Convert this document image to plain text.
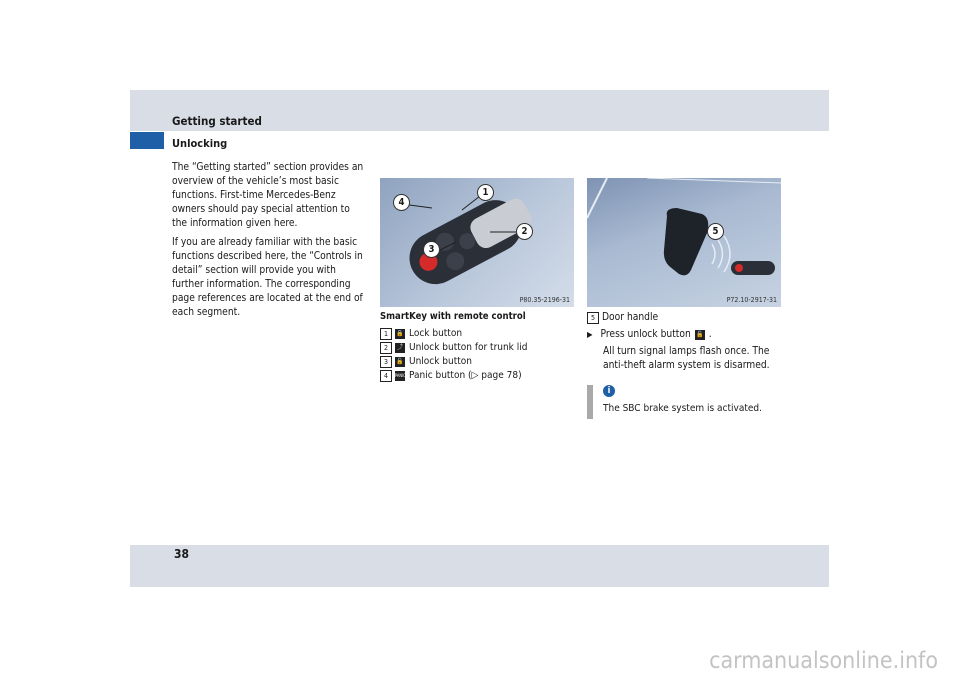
Getting started
Unlocking

The “Getting started” section provides an overview of the vehicle’s most basic functions. First-time Mercedes-Benz owners should pay special attention to the information given here.

If you are already familiar with the basic functions described here, the “Controls in detail” section will provide you with further information. The corresponding page references are located at the end of each segment.

4
1
2
3
P80.35-2196-31
SmartKey with remote control
1	🔒 Lock button
2	⤴ Unlock button for trunk lid
3	🔓 Unlock button
4	PANIC Panic button (▷ page 78)
5
P72.10-2917-31
5 Door handle
▶ Press unlock button 🔓 .
All turn signal lamps flash once. The anti-theft alarm system is disarmed.
i
The SBC brake system is activated.
38
carmanualsonline.info
